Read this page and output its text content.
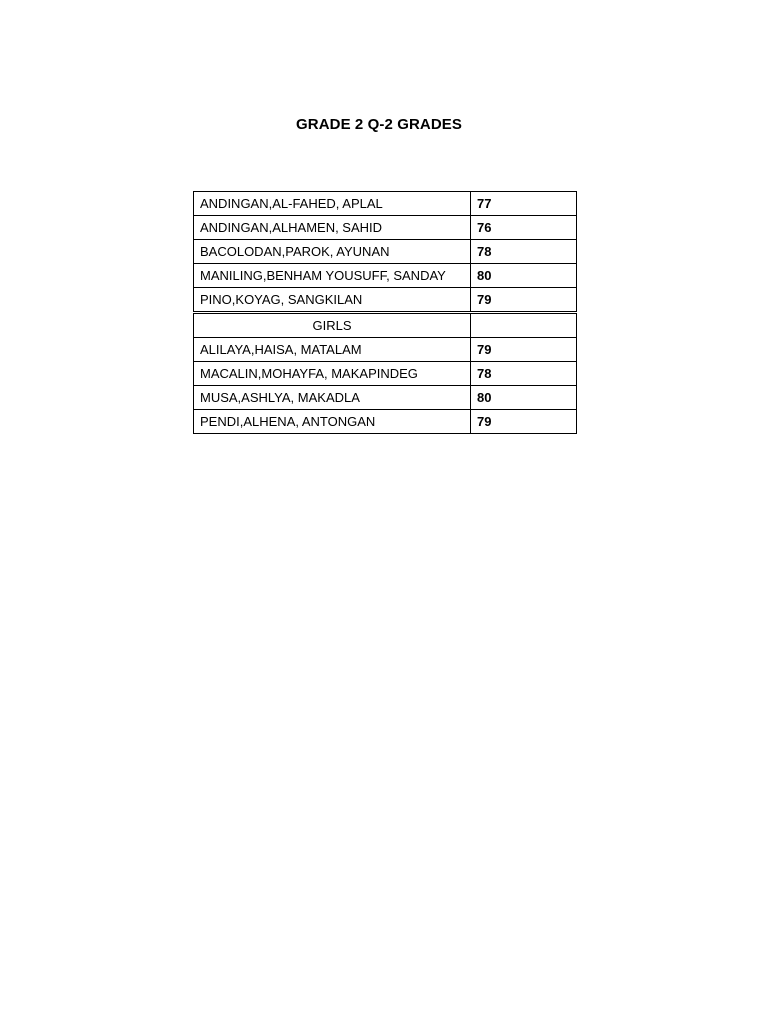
GRADE 2 Q-2 GRADES
ANDINGAN,AL-FAHED, APLAL	77
ANDINGAN,ALHAMEN, SAHID	76
BACOLODAN,PAROK, AYUNAN	78
MANILING,BENHAM YOUSUFF, SANDAY	80
PINO,KOYAG, SANGKILAN	79
GIRLS	
ALILAYA,HAISA, MATALAM	79
MACALIN,MOHAYFA, MAKAPINDEG	78
MUSA,ASHLYA, MAKADLA	80
PENDI,ALHENA, ANTONGAN	79
